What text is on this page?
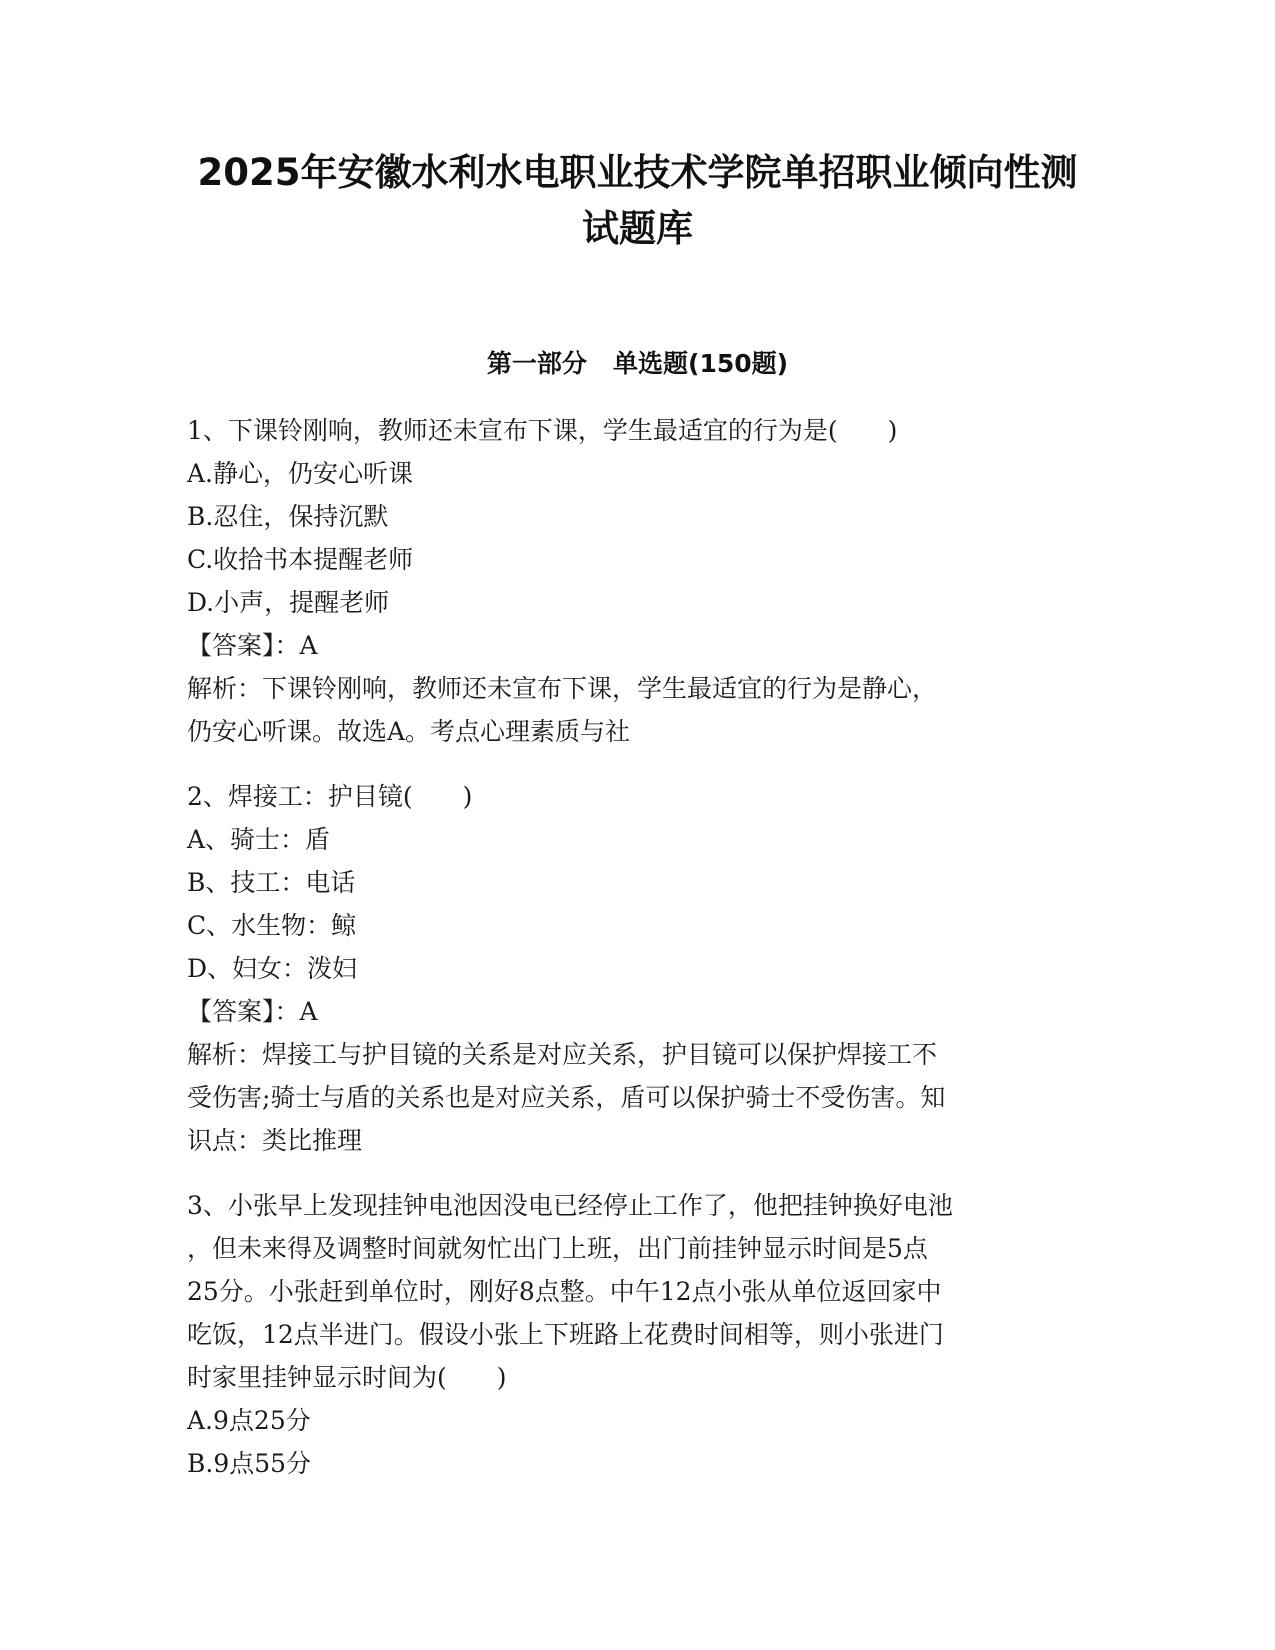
2025年安徽水利水电职业技术学院单招职业倾向性测
试题库
第一部分   单选题(150题)
1、下课铃刚响，教师还未宣布下课，学生最适宜的行为是(　　)
A.静心，仍安心听课
B.忍住，保持沉默
C.收拾书本提醒老师
D.小声，提醒老师
【答案】：A
解析：下课铃刚响，教师还未宣布下课，学生最适宜的行为是静心，
仍安心听课。故选A。考点心理素质与社
2、焊接工：护目镜(　　)
A、骑士：盾
B、技工：电话
C、水生物：鲸
D、妇女：泼妇
【答案】：A
解析：焊接工与护目镜的关系是对应关系，护目镜可以保护焊接工不
受伤害;骑士与盾的关系也是对应关系，盾可以保护骑士不受伤害。知
识点：类比推理
3、小张早上发现挂钟电池因没电已经停止工作了，他把挂钟换好电池
，但未来得及调整时间就匆忙出门上班，出门前挂钟显示时间是5点
25分。小张赶到单位时，刚好8点整。中午12点小张从单位返回家中
吃饭，12点半进门。假设小张上下班路上花费时间相等，则小张进门
时家里挂钟显示时间为(　　)
A.9点25分
B.9点55分
